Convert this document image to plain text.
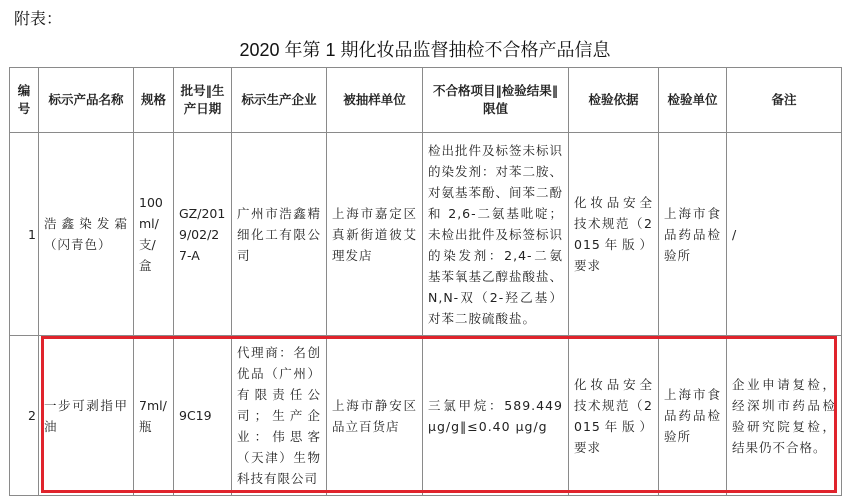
附表：
2020 年第 1 期化妆品监督抽检不合格产品信息
编号	标示产品名称	规格	批号‖生产日期	标示生产企业	被抽样单位	不合格项目‖检验结果‖限值	检验依据	检验单位	备注
1	浩鑫染发霜（闪青色）	100ml/支/盒	GZ/2019/02/27-A	广州市浩鑫精细化工有限公司	上海市嘉定区真新街道彼艾理发店	检出批件及标签未标识的染发剂：对苯二胺、对氨基苯酚、间苯二酚和 2,6-二氨基吡啶；未检出批件及标签标识的染发剂：2,4-二氨基苯氧基乙醇盐酸盐、N,N-双（2-羟乙基）对苯二胺硫酸盐。	化妆品安全技术规范（2015年版）要求	上海市食品药品检验所	/
2	一步可剥指甲油	7ml/瓶	9C19	代理商：名创优品（广州）有限责任公司；生产企业：伟思客（天津）生物科技有限公司	上海市静安区品立百货店	三氯甲烷：589.449 μg/g‖≤0.40 μg/g	化妆品安全技术规范（2015年版）要求	上海市食品药品检验所	企业申请复检，经深圳市药品检验研究院复检，结果仍不合格。
